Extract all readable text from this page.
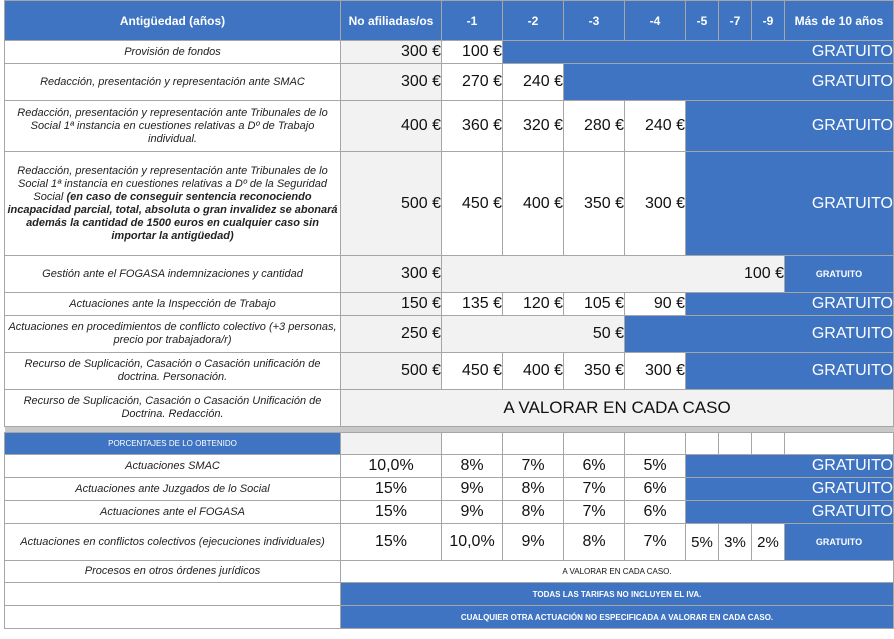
Antigüedad (años)	No afiliadas/os	-1	-2	-3	-4	-5	-7	-9	Más de 10 años
Provisión de fondos	300 €	100 €	GRATUITO						
Redacción, presentación y representación ante SMAC	300 €	270 €	240 €	GRATUITO					
Redacción, presentación y representación ante Tribunales de lo Social 1ª instancia en cuestiones relativas a Dº de Trabajo individual.	400 €	360 €	320 €	280 €	240 €	GRATUITO			
Redacción, presentación y representación ante Tribunales de lo Social 1ª instancia en cuestiones relativas a Dº de la Seguridad Social (en caso de conseguir sentencia reconociendo incapacidad parcial, total, absoluta o gran invalidez se abonará además la cantidad de 1500 euros en cualquier caso sin importar la antigüedad)	500 €	450 €	400 €	350 €	300 €	GRATUITO			
Gestión ante el FOGASA indemnizaciones y cantidad	300 €	100 €							GRATUITO
Actuaciones ante la Inspección de Trabajo	150 €	135 €	120 €	105 €	90 €	GRATUITO			
Actuaciones en procedimientos de conflicto colectivo (+3 personas, precio por trabajadora/r)	250 €	50 €			GRATUITO				
Recurso de Suplicación, Casación o Casación unificación de doctrina. Personación.	500 €	450 €	400 €	350 €	300 €	GRATUITO			
Recurso de Suplicación, Casación o Casación Unificación de Doctrina. Redacción.	A VALORAR EN CADA CASO								

PORCENTAJES DE LO OBTENIDO									
Actuaciones SMAC	10,0%	8%	7%	6%	5%	GRATUITO			
Actuaciones ante Juzgados de lo Social	15%	9%	8%	7%	6%	GRATUITO			
Actuaciones ante el FOGASA	15%	9%	8%	7%	6%	GRATUITO			
Actuaciones en conflictos colectivos (ejecuciones individuales)	15%	10,0%	9%	8%	7%	5%	3%	2%	GRATUITO
Procesos en otros órdenes jurídicos	A VALORAR EN CADA CASO.								
	TODAS LAS TARIFAS NO INCLUYEN EL IVA.								
	CUALQUIER OTRA ACTUACIÓN NO ESPECIFICADA A VALORAR EN CADA CASO.								
